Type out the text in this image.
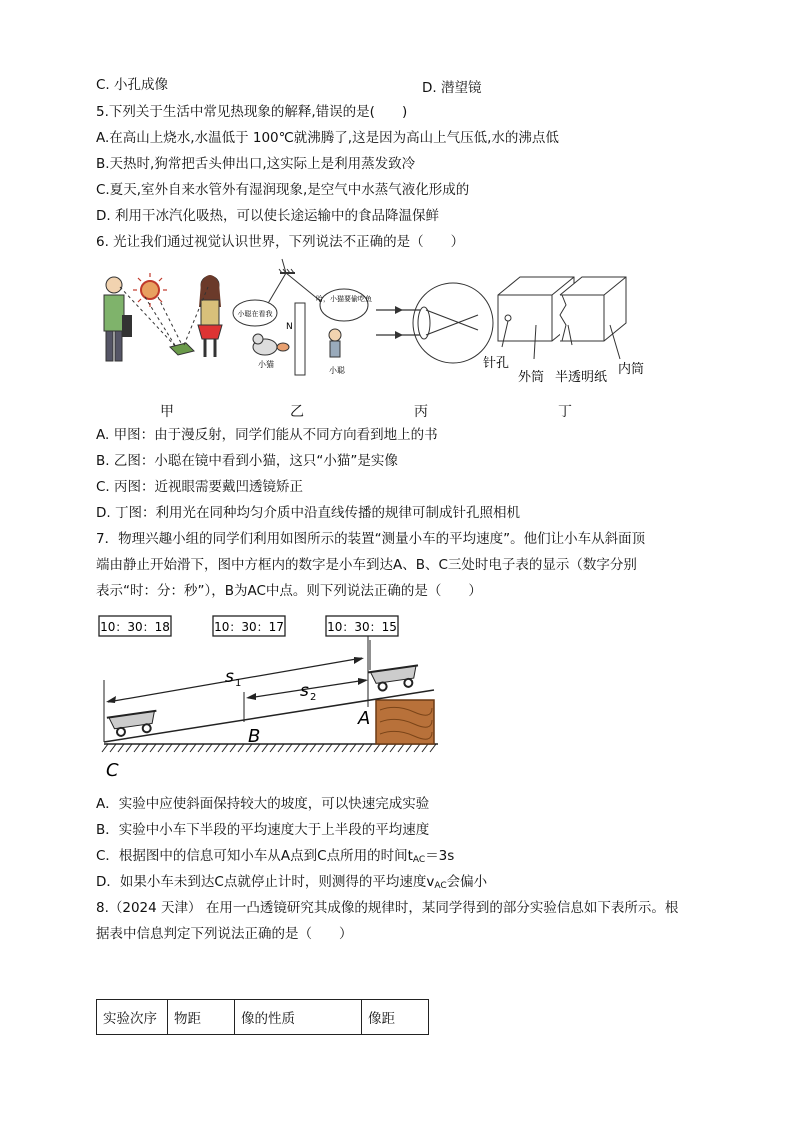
C. 小孔成像	D. 潜望镜
5.下列关于生活中常见热现象的解释,错误的是(　　)
A.在高山上烧水,水温低于 100℃就沸腾了,这是因为高山上气压低,水的沸点低
B.天热时,狗常把舌头伸出口,这实际上是利用蒸发致冷
C.夏天,室外自来水管外有湿润现象,是空气中水蒸气液化形成的
D. 利用干冰汽化吸热，可以使长途运输中的食品降温保鲜
6. 光让我们通过视觉认识世界，下列说法不正确的是（　　）
N
小聪在看我
哈，小猫要偷吃鱼
小猫
小聪	针孔
外筒 半透明纸
内筒
甲	乙	丙	丁
A. 甲图：由于漫反射，同学们能从不同方向看到地上的书
B. 乙图：小聪在镜中看到小猫，这只“小猫”是实像
C. 丙图：近视眼需要戴凹透镜矫正
D. 丁图：利用光在同种均匀介质中沿直线传播的规律可制成针孔照相机
7．物理兴趣小组的同学们利用如图所示的装置“测量小车的平均速度”。他们让小车从斜面顶
端由静止开始滑下，图中方框内的数字是小车到达A、B、C三处时电子表的显示（数字分别
表示“时：分：秒”），B为AC中点。则下列说法正确的是（　　）
10：30：18	10：30：17	10：30：15
s 1	s 2
A
B
C
A．实验中应使斜面保持较大的坡度，可以快速完成实验
B．实验中小车下半段的平均速度大于上半段的平均速度
C．根据图中的信息可知小车从A点到C点所用的时间$t_{AC}=3s$
D．如果小车未到达C点就停止计时，则测得的平均速度$v_{AC}$会偏小
8.（2024 天津） 在用一凸透镜研究其成像的规律时，某同学得到的部分实验信息如下表所示。根
据表中信息判定下列说法正确的是（　　）
实验次序	物距	像的性质	像距
